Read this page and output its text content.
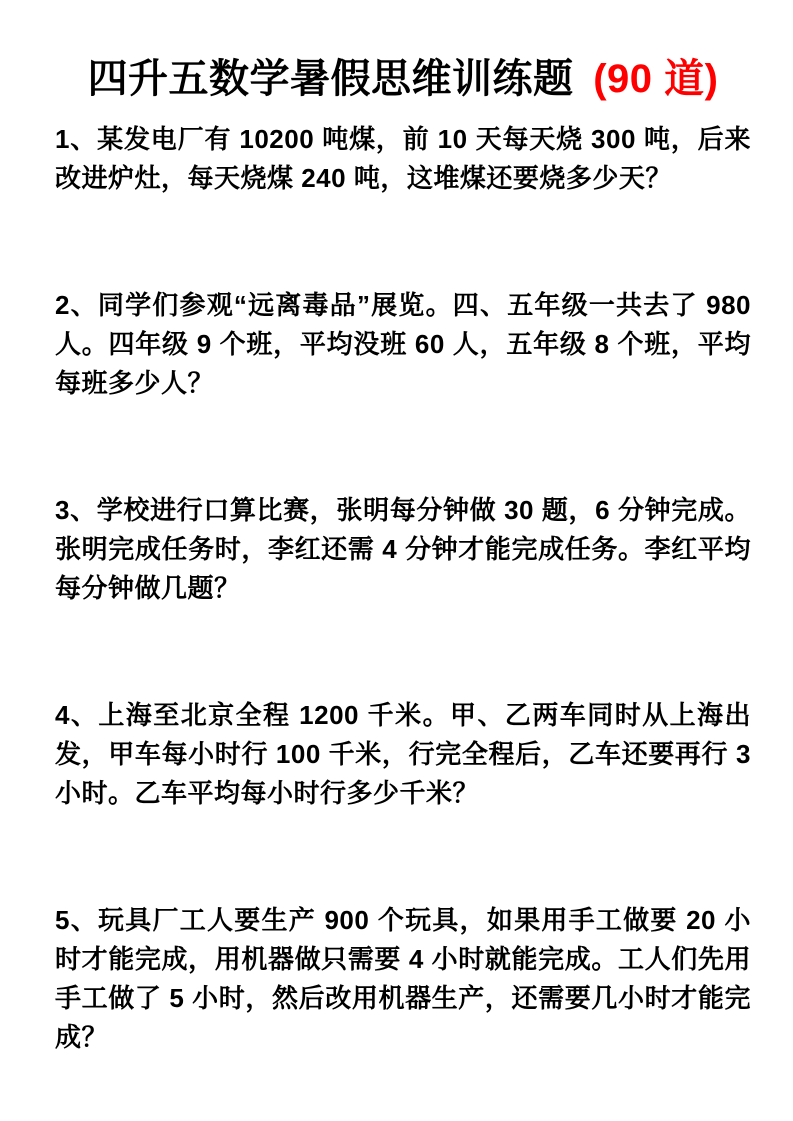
四升五数学暑假思维训练题 (90 道)

1、某发电厂有 10200 吨煤，前 10 天每天烧 300 吨，后来改进炉灶，每天烧煤 240 吨，这堆煤还要烧多少天？

2、同学们参观“远离毒品”展览。四、五年级一共去了 980 人。四年级 9 个班，平均没班 60 人，五年级 8 个班，平均每班多少人？

3、学校进行口算比赛，张明每分钟做 30 题，6 分钟完成。张明完成任务时，李红还需 4 分钟才能完成任务。李红平均每分钟做几题？

4、上海至北京全程 1200 千米。甲、乙两车同时从上海出发，甲车每小时行 100 千米，行完全程后，乙车还要再行 3 小时。乙车平均每小时行多少千米？

5、玩具厂工人要生产 900 个玩具，如果用手工做要 20 小时才能完成，用机器做只需要 4 小时就能完成。工人们先用手工做了 5 小时，然后改用机器生产，还需要几小时才能完成？
